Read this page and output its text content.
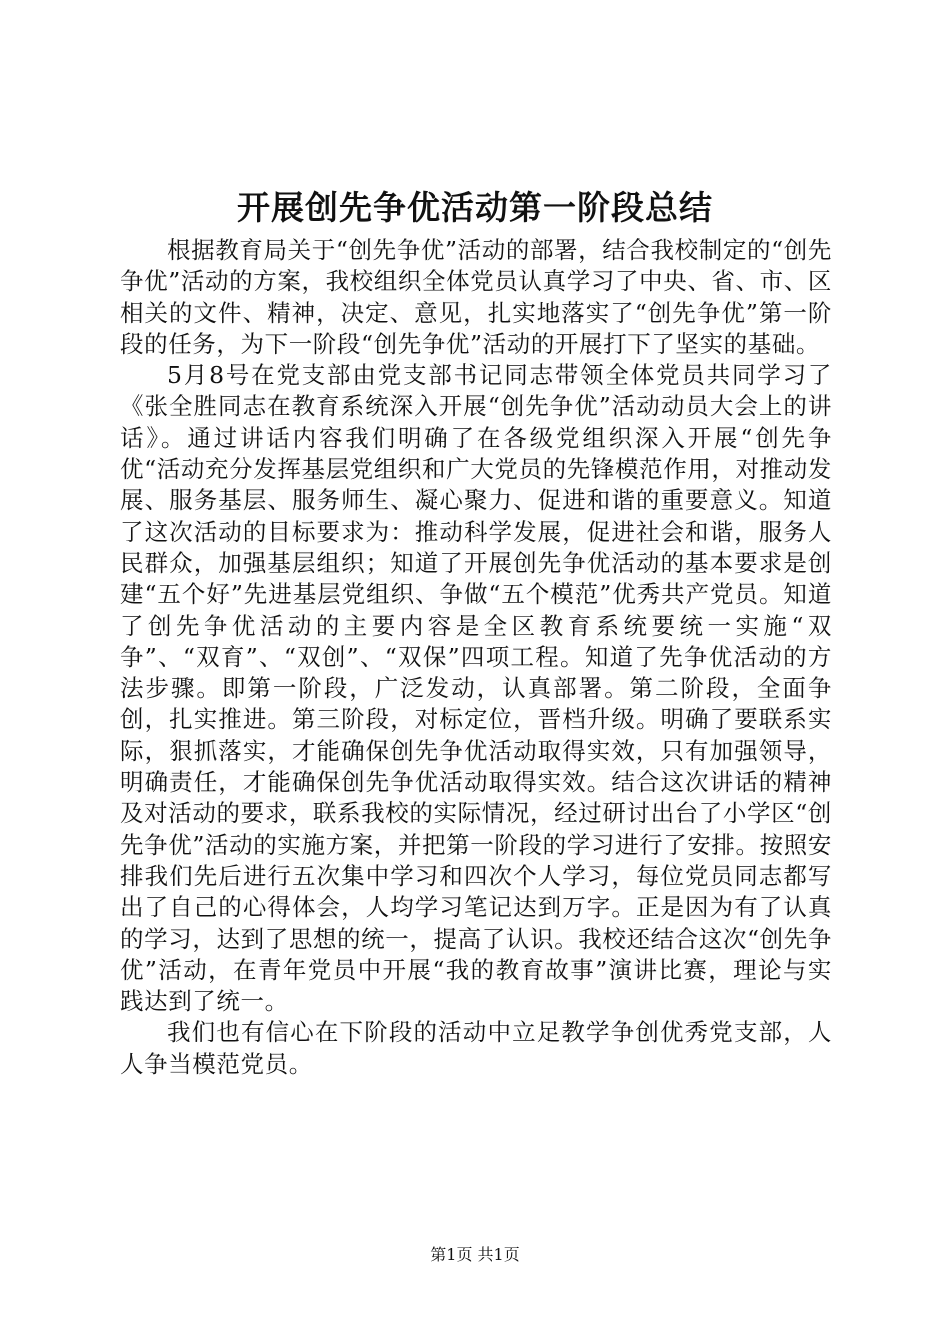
开展创先争优活动第一阶段总结

根据教育局关于“创先争优”活动的部署，结合我校制定的“创先争优”活动的方案，我校组织全体党员认真学习了中央、省、市、区相关的文件、精神，决定、意见，扎实地落实了“创先争优”第一阶段的任务，为下一阶段“创先争优”活动的开展打下了坚实的基础。

5月8号在党支部由党支部书记同志带领全体党员共同学习了《张全胜同志在教育系统深入开展“创先争优”活动动员大会上的讲话》。通过讲话内容我们明确了在各级党组织深入开展“创先争优“活动充分发挥基层党组织和广大党员的先锋模范作用，对推动发展、服务基层、服务师生、凝心聚力、促进和谐的重要意义。知道了这次活动的目标要求为：推动科学发展，促进社会和谐，服务人民群众，加强基层组织；知道了开展创先争优活动的基本要求是创建“五个好”先进基层党组织、争做“五个模范”优秀共产党员。知道了创先争优活动的主要内容是全区教育系统要统一实施“双争”、“双育”、“双创”、“双保”四项工程。知道了先争优活动的方法步骤。即第一阶段，广泛发动，认真部署。第二阶段，全面争创，扎实推进。第三阶段，对标定位，晋档升级。明确了要联系实际，狠抓落实，才能确保创先争优活动取得实效，只有加强领导，明确责任，才能确保创先争优活动取得实效。结合这次讲话的精神及对活动的要求，联系我校的实际情况，经过研讨出台了小学区“创先争优”活动的实施方案，并把第一阶段的学习进行了安排。按照安排我们先后进行五次集中学习和四次个人学习，每位党员同志都写出了自己的心得体会，人均学习笔记达到万字。正是因为有了认真的学习，达到了思想的统一，提高了认识。我校还结合这次“创先争优”活动，在青年党员中开展“我的教育故事”演讲比赛，理论与实践达到了统一。

我们也有信心在下阶段的活动中立足教学争创优秀党支部，人人争当模范党员。

第1页 共1页
